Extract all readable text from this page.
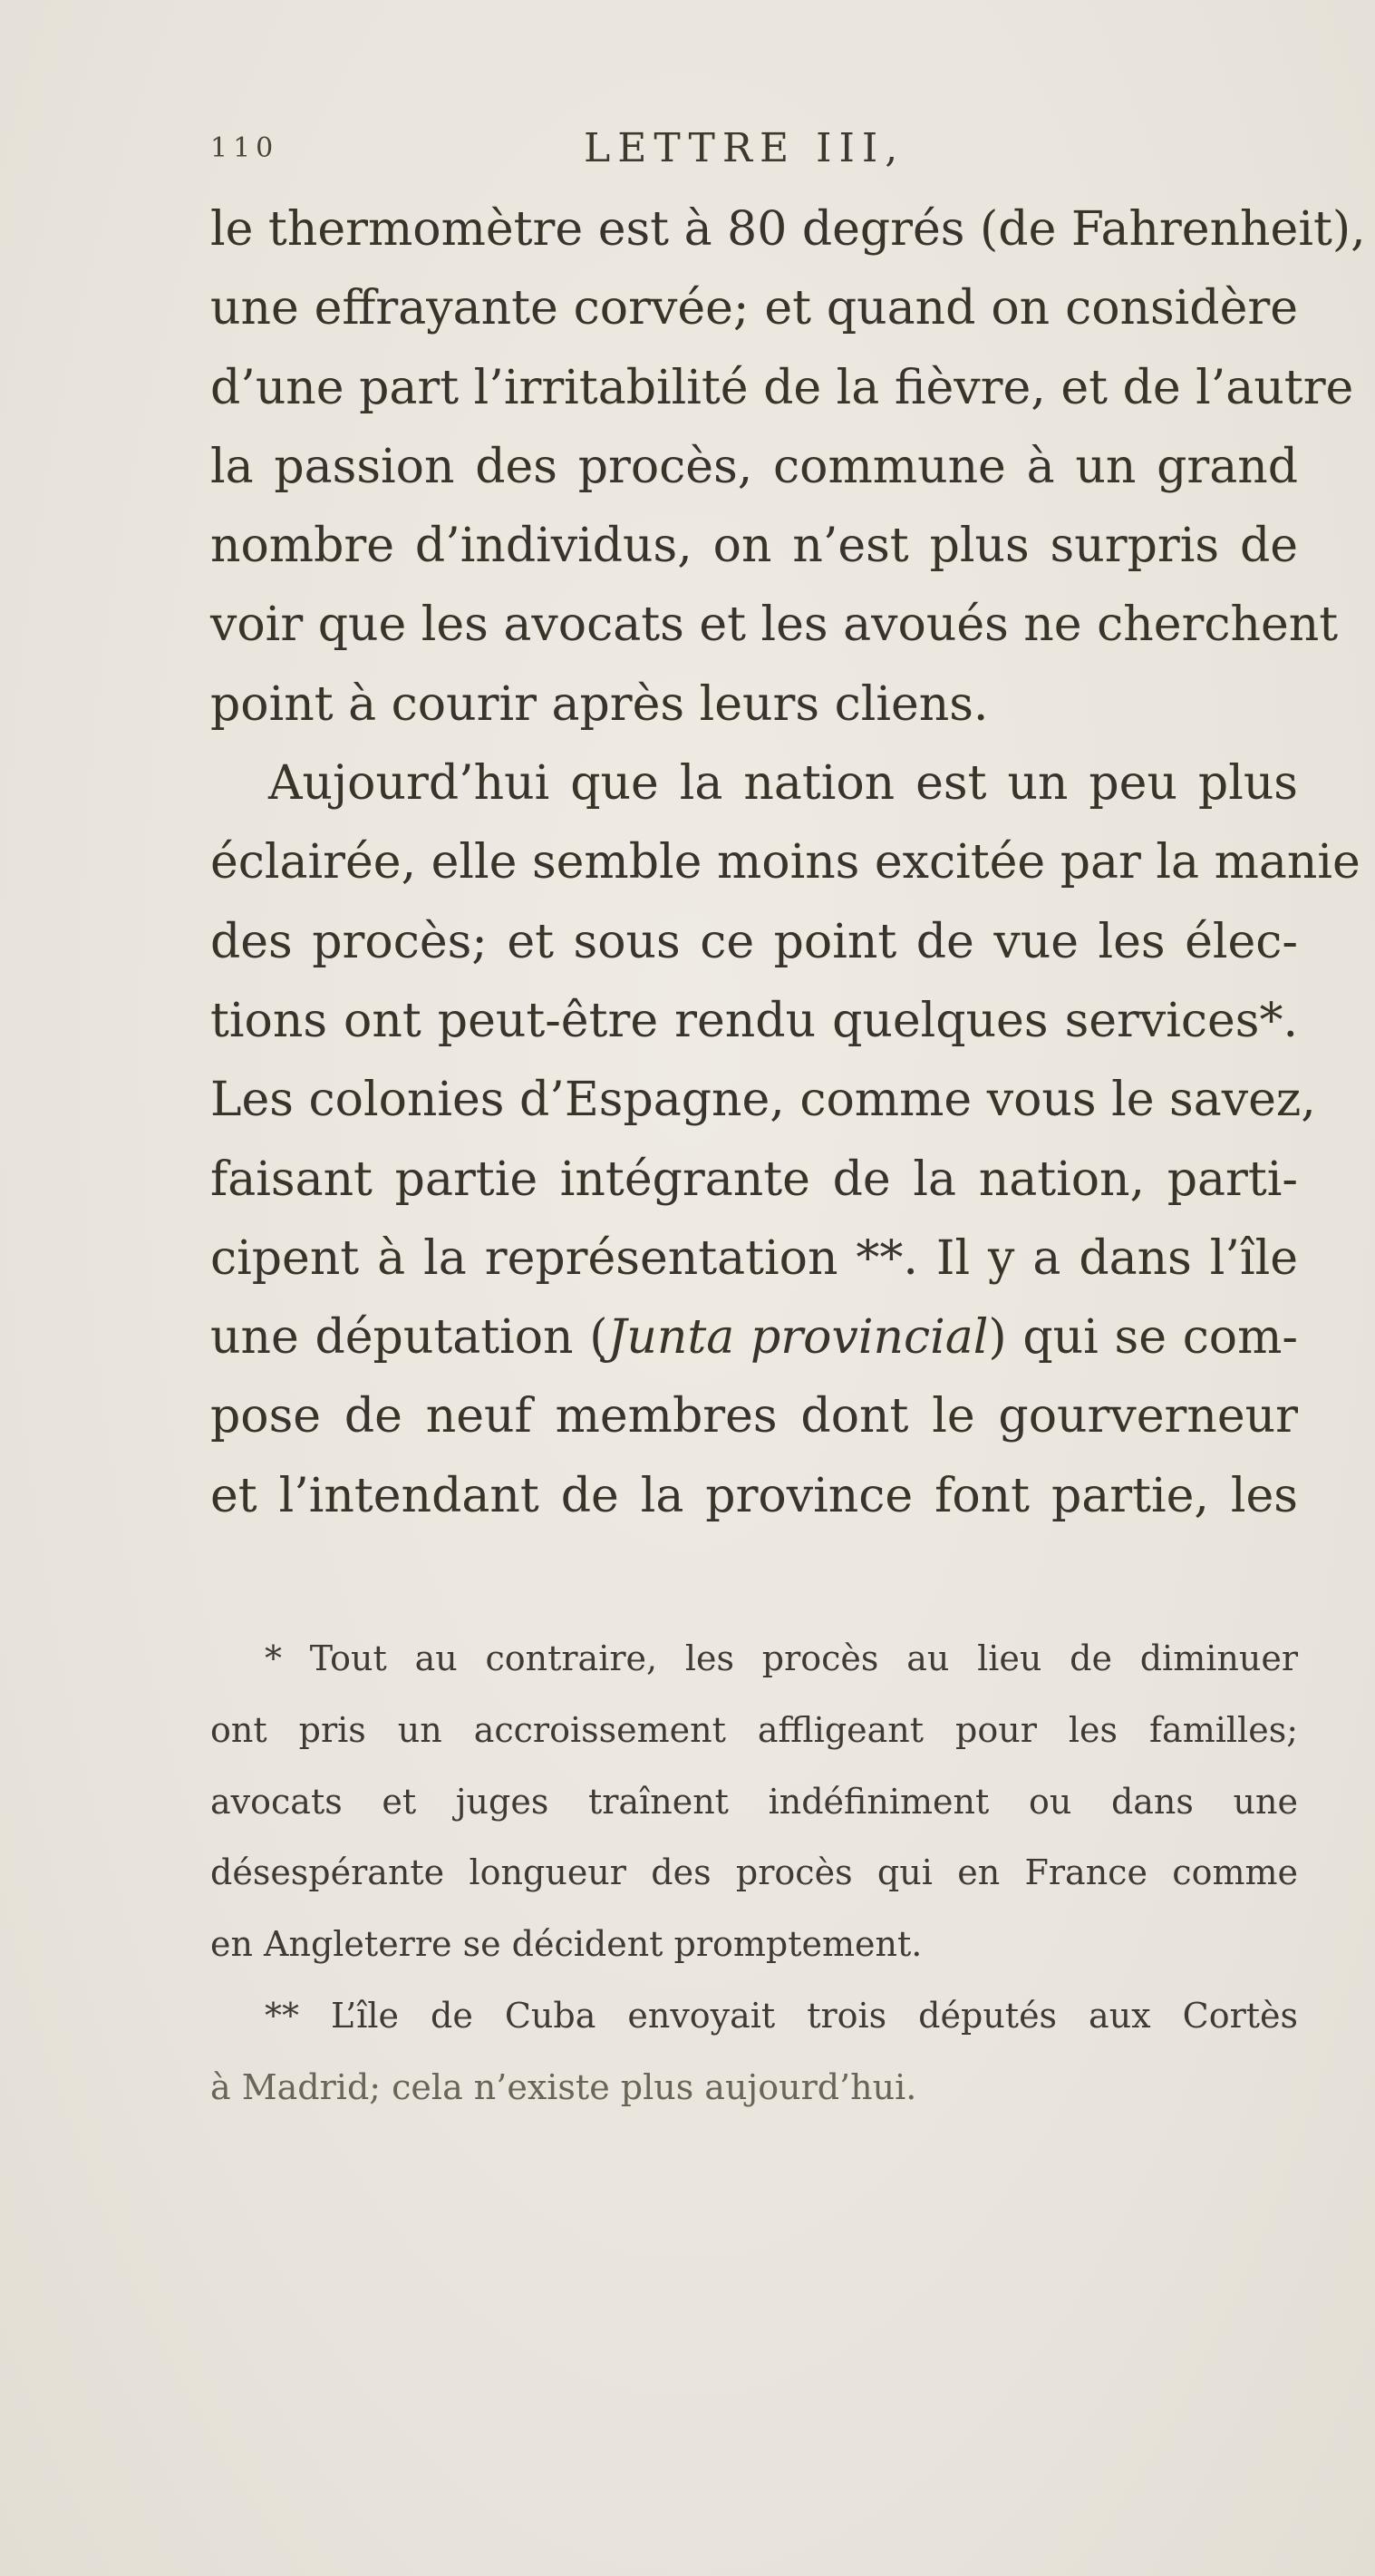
110	LETTRE III,
le thermomètre est à 80 degrés (de Fahrenheit),
une effrayante corvée; et quand on considère
d’une part l’irritabilité de la fièvre, et de l’autre
la passion des procès, commune à un grand
nombre d’individus, on n’est plus surpris de
voir que les avocats et les avoués ne cherchent
point à courir après leurs cliens.
Aujourd’hui que la nation est un peu plus
éclairée, elle semble moins excitée par la manie
des procès; et sous ce point de vue les élec-
tions ont peut-être rendu quelques services*.
Les colonies d’Espagne, comme vous le savez,
faisant partie intégrante de la nation, parti-
cipent à la représentation **. Il y a dans l’île
une députation (Junta provincial) qui se com-
pose de neuf membres dont le gourverneur
et l’intendant de la province font partie, les
* Tout au contraire, les procès au lieu de diminuer
ont pris un accroissement affligeant pour les familles;
avocats et juges traînent indéfiniment ou dans une
désespérante longueur des procès qui en France comme
en Angleterre se décident promptement.
** L’île de Cuba envoyait trois députés aux Cortès
à Madrid; cela n’existe plus aujourd’hui.
